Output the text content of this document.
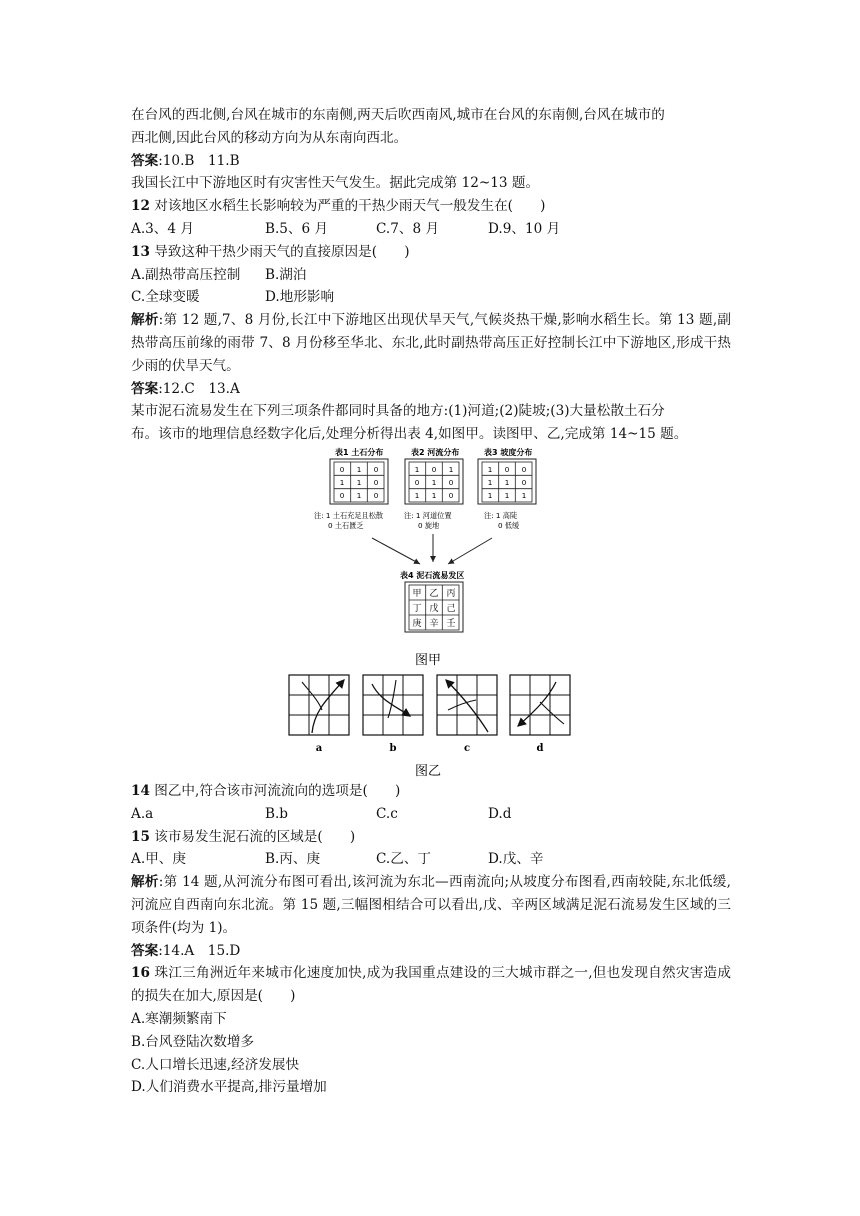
在台风的西北侧,台风在城市的东南侧,两天后吹西南风,城市在台风的东南侧,台风在城市的

西北侧,因此台风的移动方向为从东南向西北。

答案:10.B　11.B

我国长江中下游地区时有灾害性天气发生。据此完成第 12~13 题。

12 对该地区水稻生长影响较为严重的干热少雨天气一般发生在(　　)

A.3、4 月	B.5、6 月	C.7、8 月	D.9、10 月

13 导致这种干热少雨天气的直接原因是(　　)

A.副热带高压控制	B.湖泊
C.全球变暖	D.地形影响

解析:第 12 题,7、8 月份,长江中下游地区出现伏旱天气,气候炎热干燥,影响水稻生长。第 13 题,副热带高压前缘的雨带 7、8 月份移至华北、东北,此时副热带高压正好控制长江中下游地区,形成干热少雨的伏旱天气。

答案:12.C　13.A

某市泥石流易发生在下列三项条件都同时具备的地方:(1)河道;(2)陡坡;(3)大量松散土石分

布。该市的地理信息经数字化后,处理分析得出表 4,如图甲。读图甲、乙,完成第 14~15 题。

表1 土石分布	表2 河流分布	表3 坡度分布
0 1 0
1 1 0
0 1 0
1 0 1
0 1 0
1 1 0
1 0 0
1 1 0
1 1 1
注: 1 土石充足且松散
0 土石匮乏
注: 1 河道位置
0 旋地
注: 1 高陡
0 低缓
表4 泥石流易发区
甲 乙 丙
丁 戊 己
庚 辛 壬
图甲
a	b	c	d
图乙

14 图乙中,符合该市河流流向的选项是(　　)

A.a	B.b	C.c	D.d

15 该市易发生泥石流的区域是(　　)

A.甲、庚	B.丙、庚	C.乙、丁	D.戊、辛

解析:第 14 题,从河流分布图可看出,该河流为东北—西南流向;从坡度分布图看,西南较陡,东北低缓,河流应自西南向东北流。第 15 题,三幅图相结合可以看出,戊、辛两区域满足泥石流易发生区域的三项条件(均为 1)。

答案:14.A　15.D

16 珠江三角洲近年来城市化速度加快,成为我国重点建设的三大城市群之一,但也发现自然灾害造成的损失在加大,原因是(　　)

A.寒潮频繁南下

B.台风登陆次数增多

C.人口增长迅速,经济发展快

D.人们消费水平提高,排污量增加
